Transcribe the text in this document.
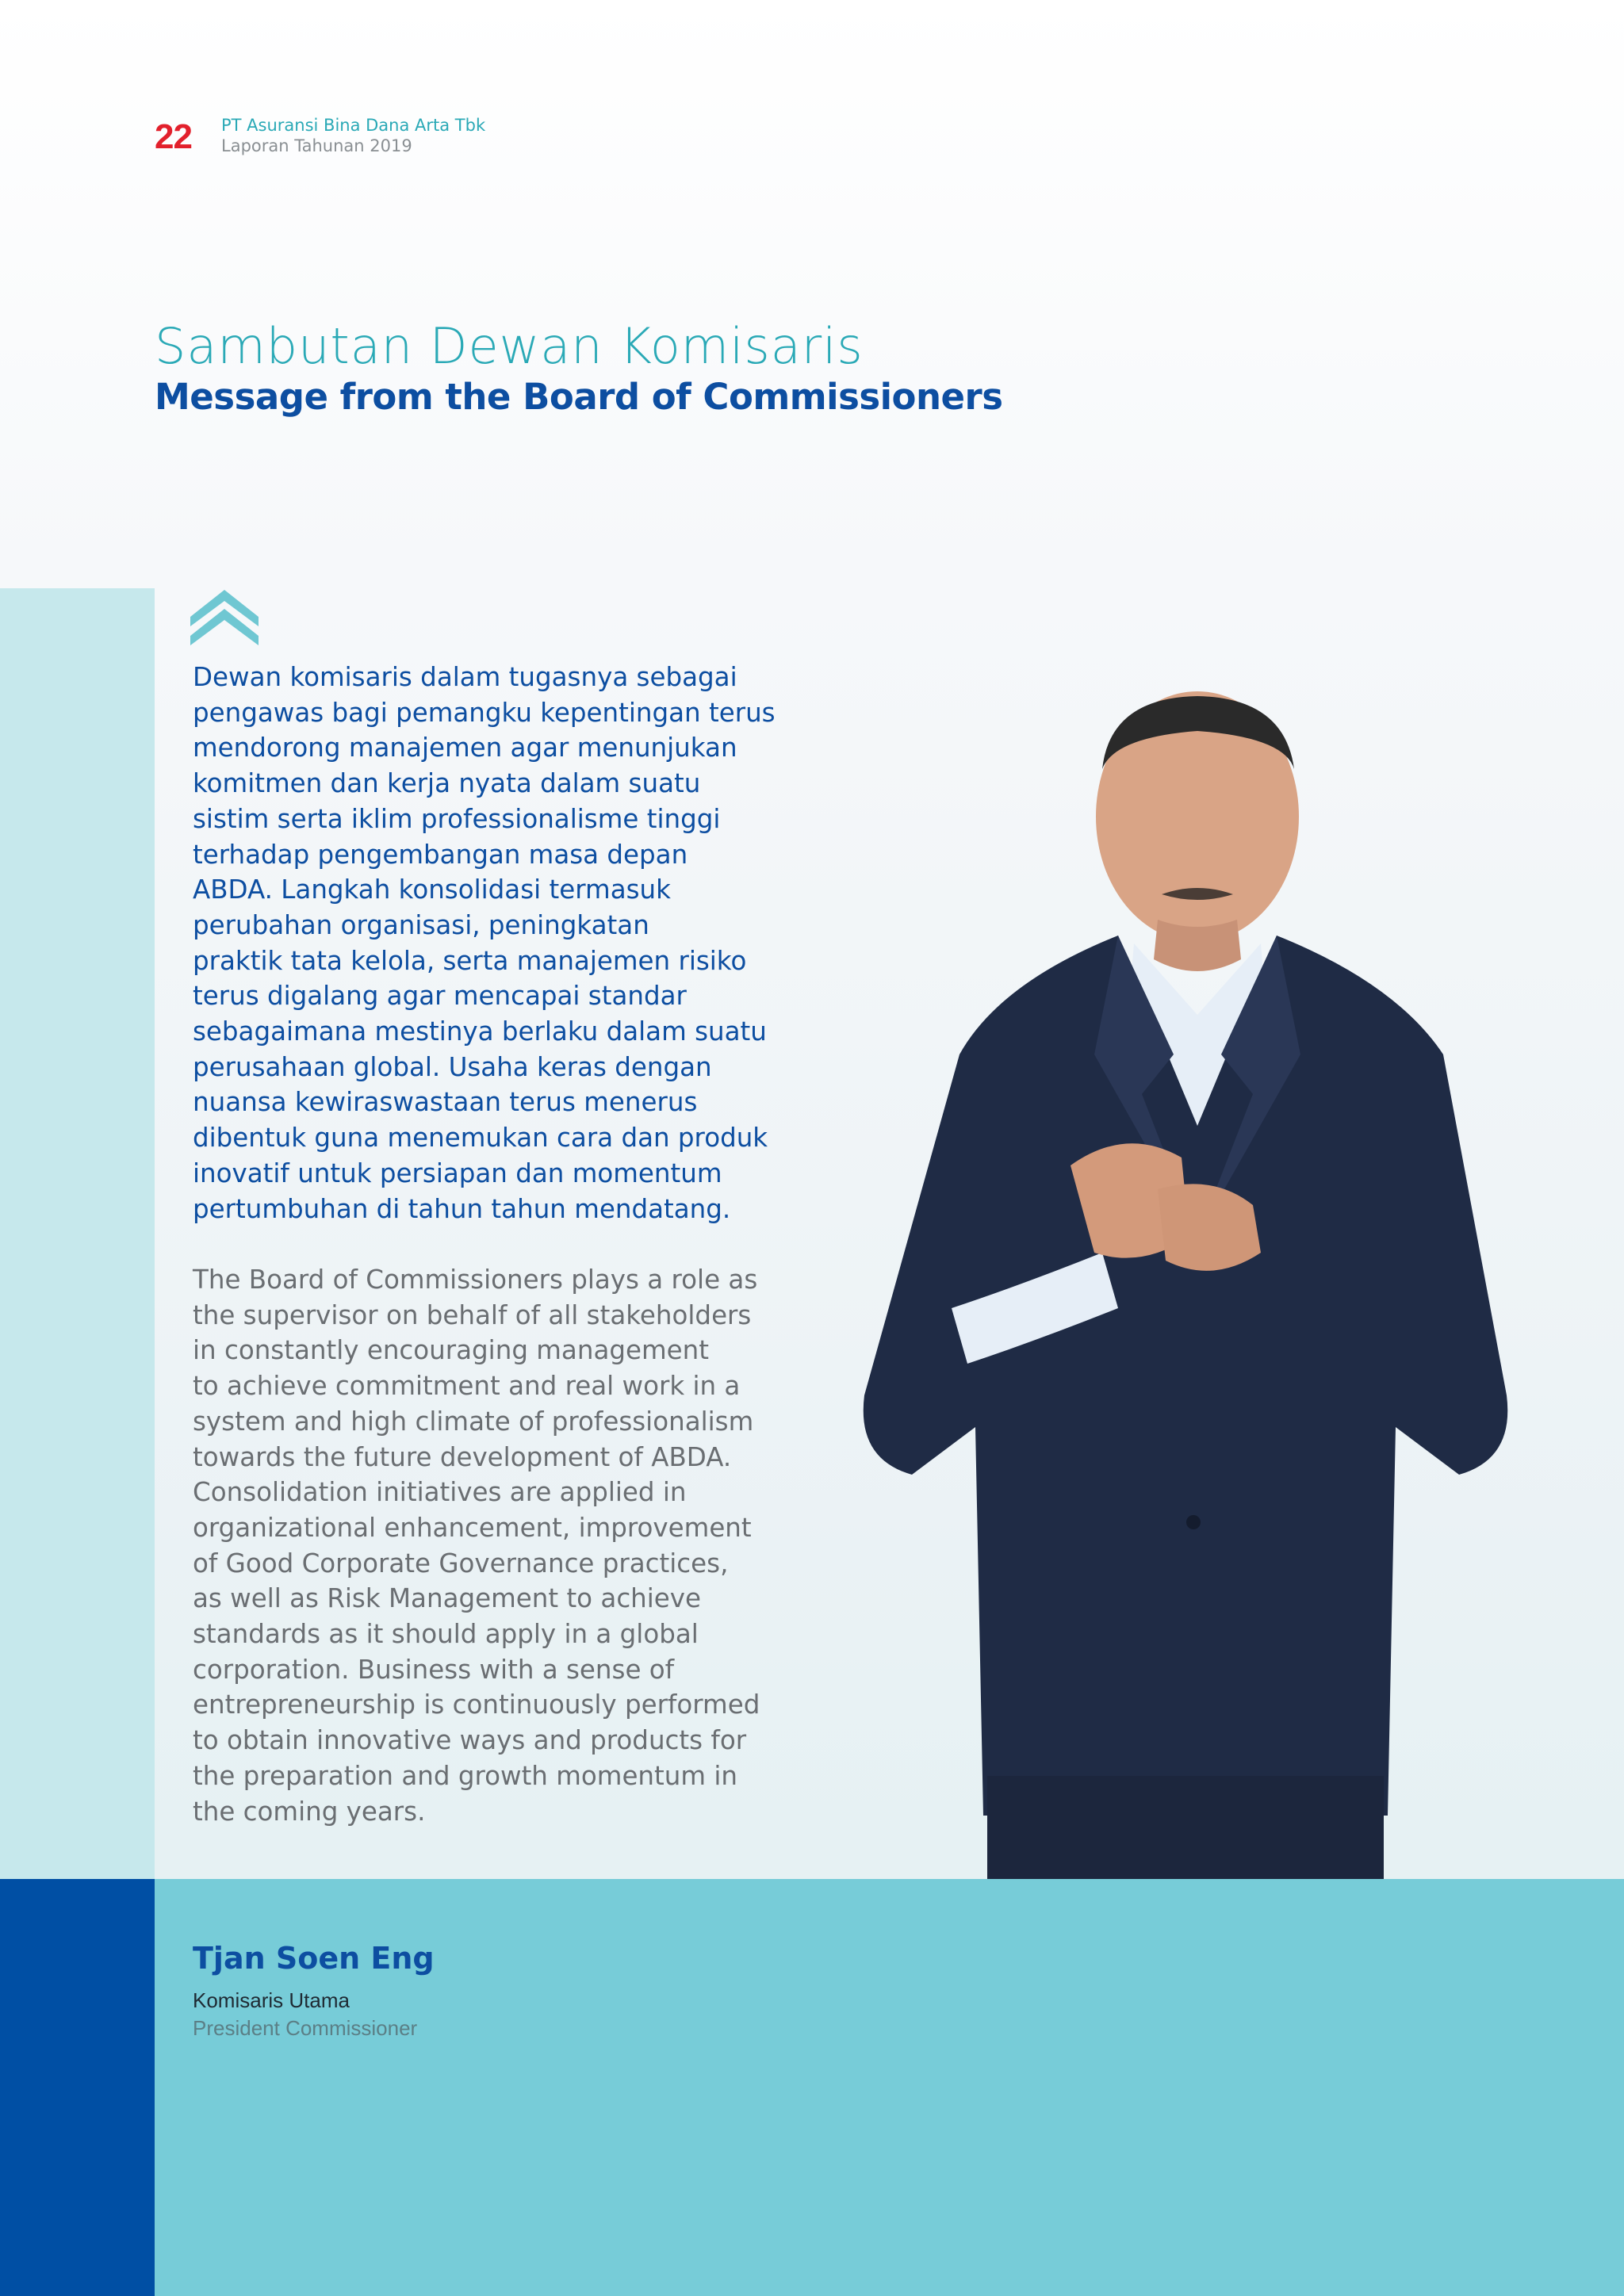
22 PT Asuransi Bina Dana Arta Tbk
Laporan Tahunan 2019
Sambutan Dewan Komisaris
Message from the Board of Commissioners
Dewan komisaris dalam tugasnya sebagai
pengawas bagi pemangku kepentingan terus
mendorong manajemen agar menunjukan
komitmen dan kerja nyata dalam suatu
sistim serta iklim professionalisme tinggi
terhadap pengembangan masa depan
ABDA. Langkah konsolidasi termasuk
perubahan organisasi, peningkatan
praktik tata kelola, serta manajemen risiko
terus digalang agar mencapai standar
sebagaimana mestinya berlaku dalam suatu
perusahaan global. Usaha keras dengan
nuansa kewiraswastaan terus menerus
dibentuk guna menemukan cara dan produk
inovatif untuk persiapan dan momentum
pertumbuhan di tahun tahun mendatang.
The Board of Commissioners plays a role as
the supervisor on behalf of all stakeholders
in constantly encouraging management
to achieve commitment and real work in a
system and high climate of professionalism
towards the future development of ABDA.
Consolidation initiatives are applied in
organizational enhancement, improvement
of Good Corporate Governance practices,
as well as Risk Management to achieve
standards as it should apply in a global
corporation. Business with a sense of
entrepreneurship is continuously performed
to obtain innovative ways and products for
the preparation and growth momentum in
the coming years.
Tjan Soen Eng
Komisaris Utama
President Commissioner
